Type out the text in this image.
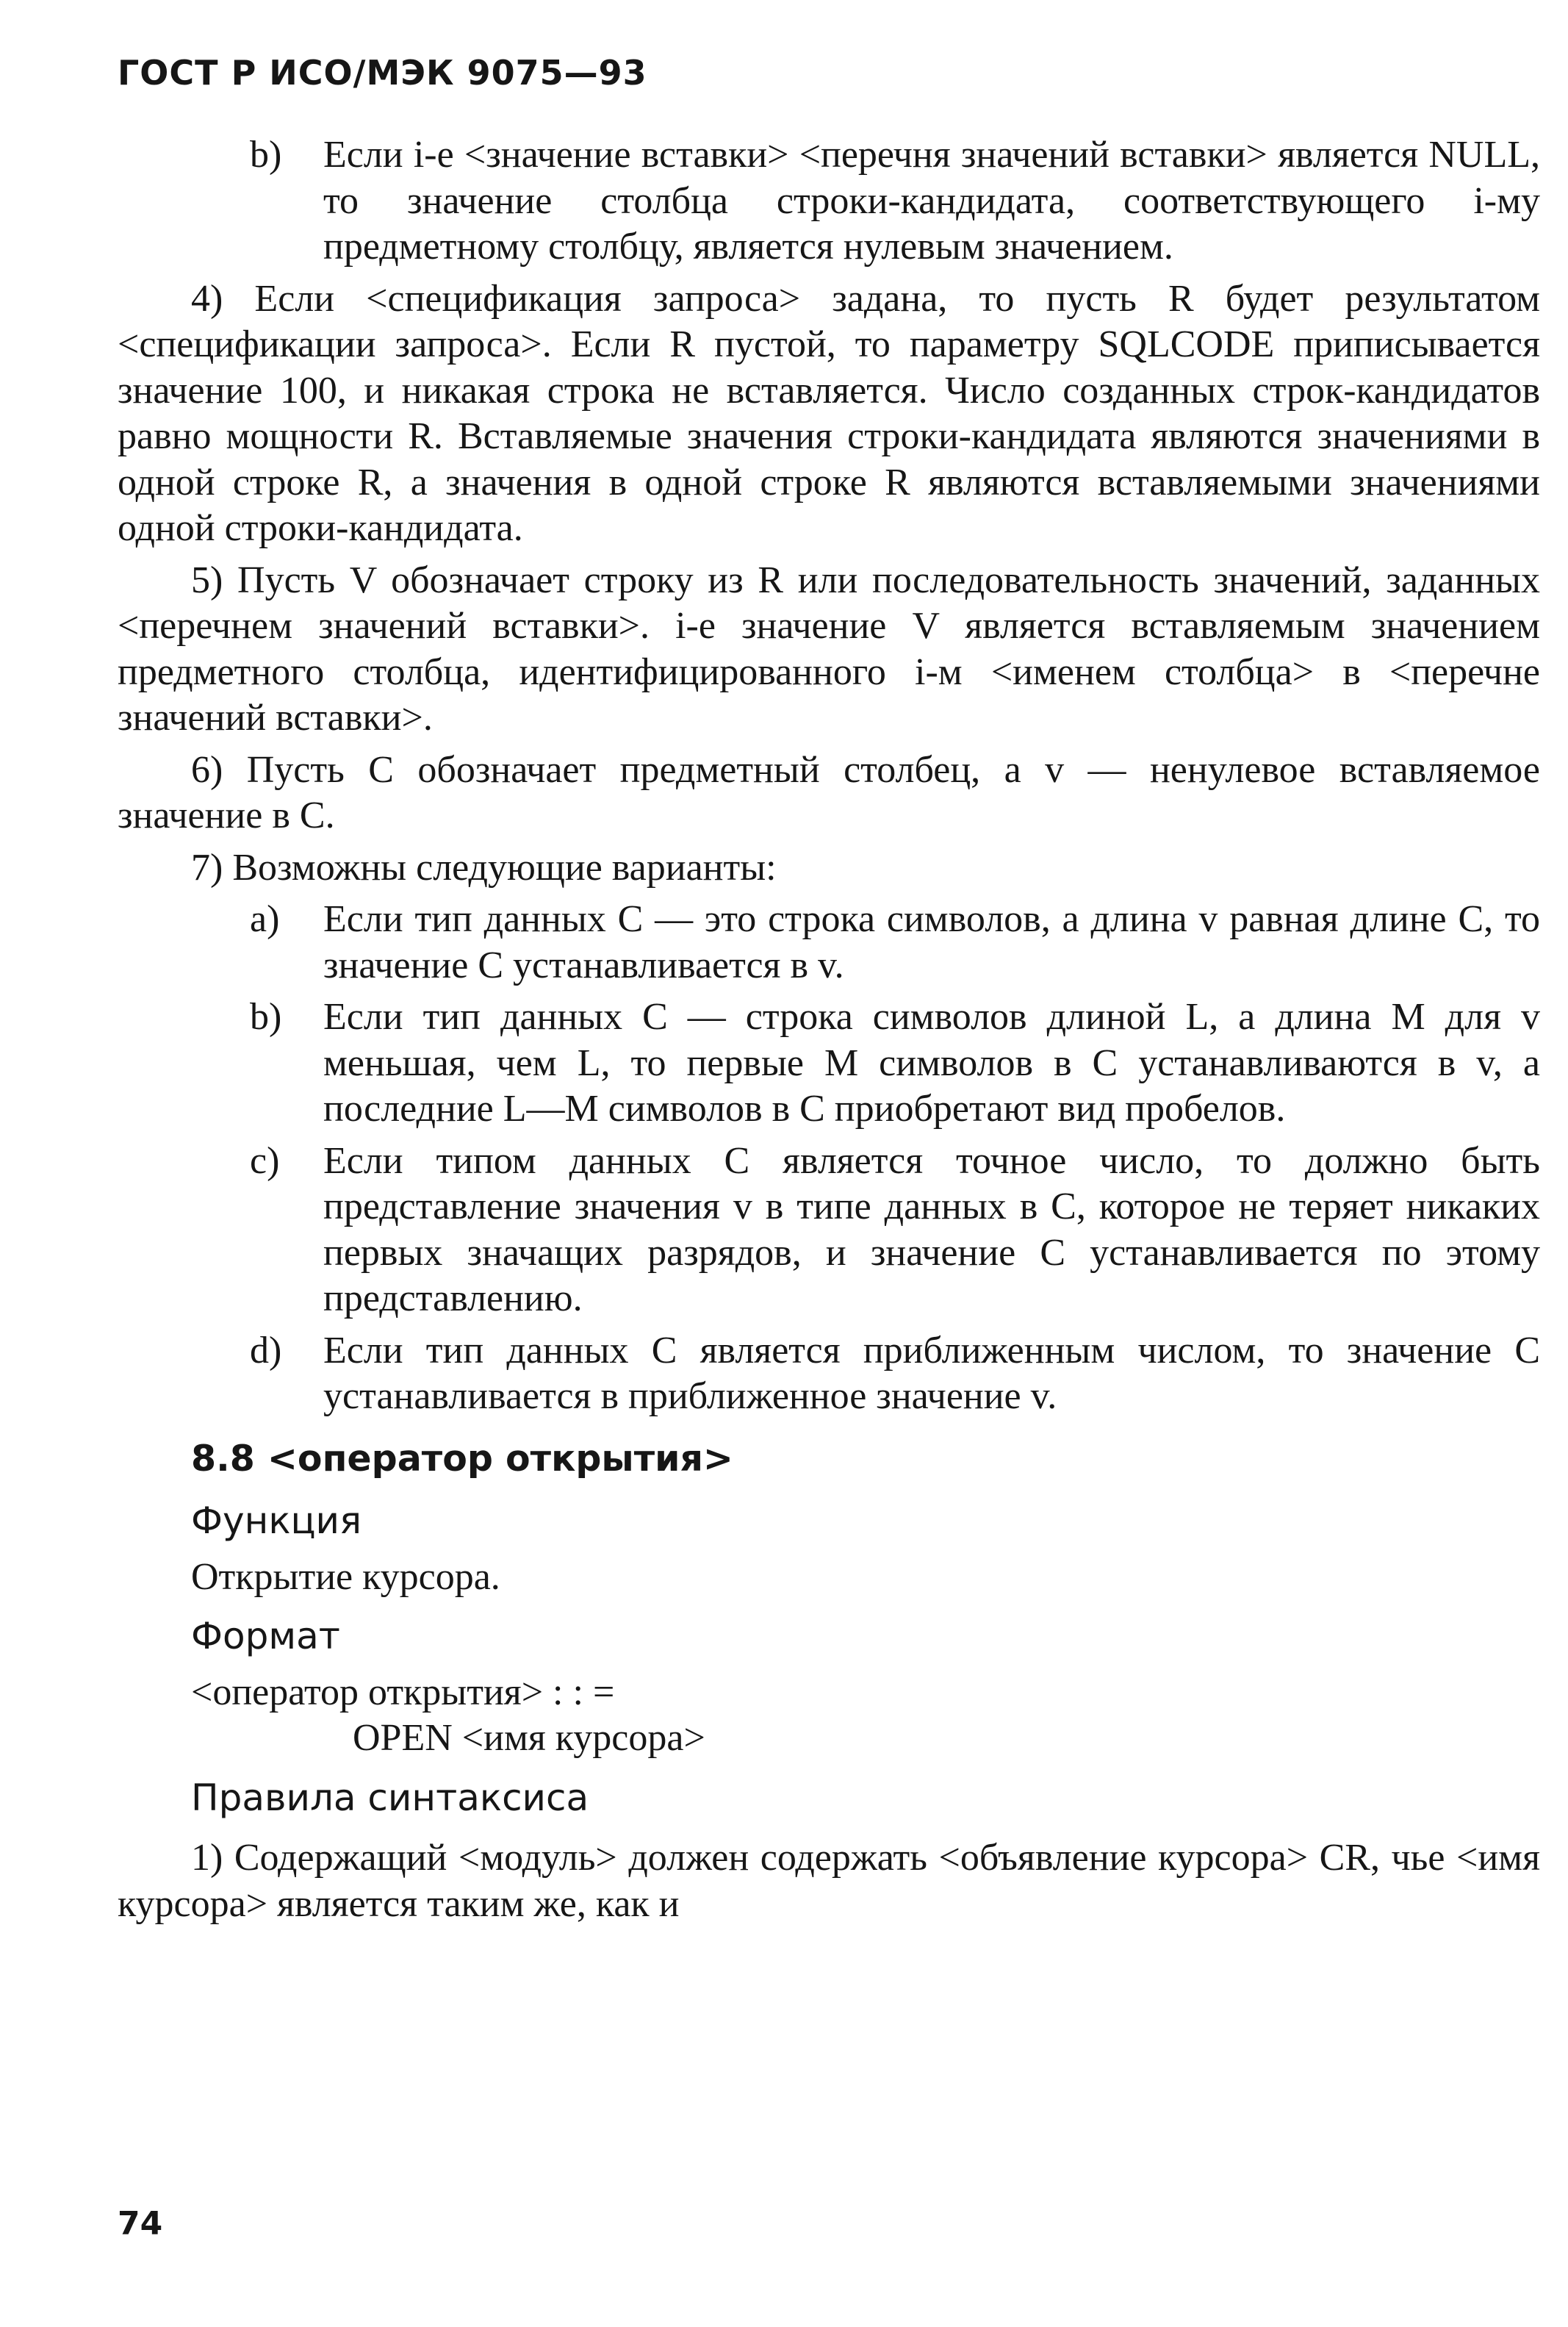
ГОСТ Р ИСО/МЭК 9075—93
b) Если i-е <значение вставки> <перечня значений вставки> является NULL, то значение столбца строки-кандидата, соответствующего i-му предметному столбцу, является нулевым значением.

4) Если <спецификация запроса> задана, то пусть R будет результатом <спецификации запроса>. Если R пустой, то параметру SQLCODE приписывается значение 100, и никакая строка не вставляется. Число созданных строк-кандидатов равно мощности R. Вставляемые значения строки-кандидата являются значениями в одной строке R, а значения в одной строке R являются вставляемыми значениями одной строки-кандидата.

5) Пусть V обозначает строку из R или последовательность значений, заданных <перечнем значений вставки>. i-е значение V является вставляемым значением предметного столбца, идентифицированного i-м <именем столбца> в <перечне значений вставки>.

6) Пусть C обозначает предметный столбец, а v — ненулевое вставляемое значение в C.

7) Возможны следующие варианты:

a) Если тип данных C — это строка символов, а длина v равная длине C, то значение C устанавливается в v.
b) Если тип данных C — строка символов длиной L, а длина M для v меньшая, чем L, то первые M символов в C устанавливаются в v, а последние L—M символов в C приобретают вид пробелов.
c) Если типом данных C является точное число, то должно быть представление значения v в типе данных в C, которое не теряет никаких первых значащих разрядов, и значение C устанавливается по этому представлению.
d) Если тип данных C является приближенным числом, то значение C устанавливается в приближенное значение v.
8.8 <оператор открытия>
Функция
Открытие курсора.
Формат
<оператор открытия> : : =
OPEN <имя курсора>
Правила синтаксиса

1) Содержащий <модуль> должен содержать <объявление курсора> CR, чье <имя курсора> является таким же, как и

74
